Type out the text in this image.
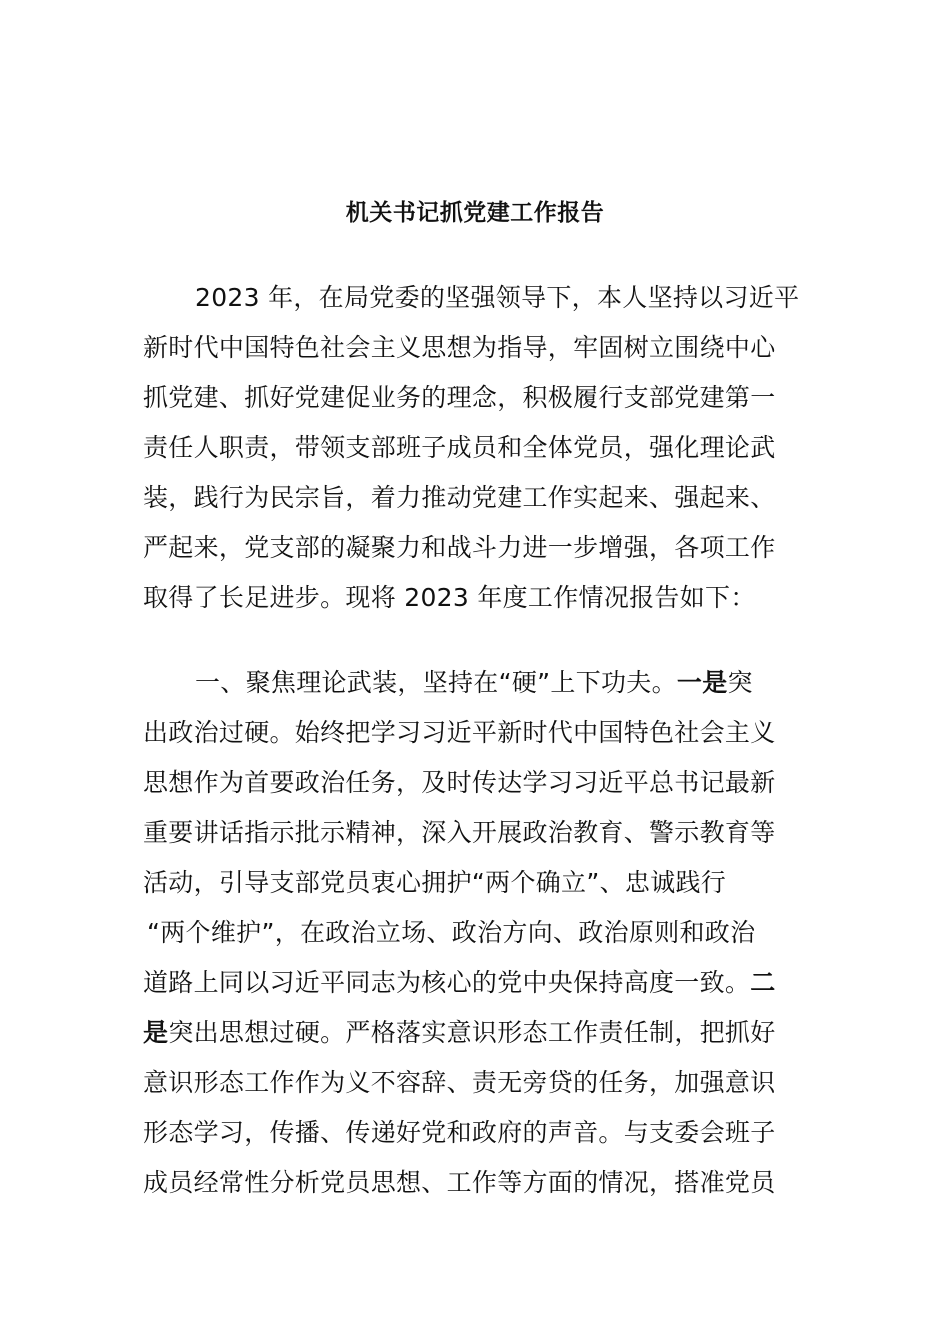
机关书记抓党建工作报告
2023 年，在局党委的坚强领导下，本人坚持以习近平
新时代中国特色社会主义思想为指导，牢固树立围绕中心
抓党建、抓好党建促业务的理念，积极履行支部党建第一
责任人职责，带领支部班子成员和全体党员，强化理论武
装，践行为民宗旨，着力推动党建工作实起来、强起来、
严起来，党支部的凝聚力和战斗力进一步增强，各项工作
取得了长足进步。现将 2023 年度工作情况报告如下：
一、聚焦理论武装，坚持在“硬”上下功夫。一是突
出政治过硬。始终把学习习近平新时代中国特色社会主义
思想作为首要政治任务，及时传达学习习近平总书记最新
重要讲话指示批示精神，深入开展政治教育、警示教育等
活动，引导支部党员衷心拥护“两个确立”、忠诚践行
“两个维护”，在政治立场、政治方向、政治原则和政治
道路上同以习近平同志为核心的党中央保持高度一致。二
是突出思想过硬。严格落实意识形态工作责任制，把抓好
意识形态工作作为义不容辞、责无旁贷的任务，加强意识
形态学习，传播、传递好党和政府的声音。与支委会班子
成员经常性分析党员思想、工作等方面的情况，搭准党员
